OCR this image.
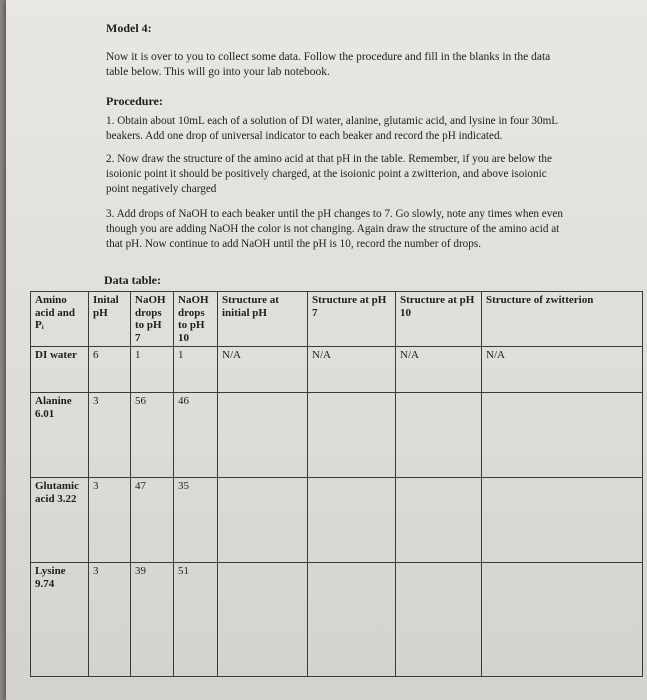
Model 4:
Now it is over to you to collect some data. Follow the procedure and fill in the blanks in the data table below. This will go into your lab notebook.
Procedure:
1. Obtain about 10mL each of a solution of DI water, alanine, glutamic acid, and lysine in four 30mL beakers. Add one drop of universal indicator to each beaker and record the pH indicated.
2. Now draw the structure of the amino acid at that pH in the table. Remember, if you are below the isoionic point it should be positively charged, at the isoionic point a zwitterion, and above isoionic point negatively charged
3. Add drops of NaOH to each beaker until the pH changes to 7. Go slowly, note any times when even though you are adding NaOH the color is not changing. Again draw the structure of the amino acid at that pH. Now continue to add NaOH until the pH is 10, record the number of drops.
Data table:
Amino acid and Pᵢ	Inital pH	NaOH drops to pH 7	NaOH drops to pH 10	Structure at initial pH	Structure at pH 7	Structure at pH 10	Structure of zwitterion
DI water	6	1	1	N/A	N/A	N/A	N/A
Alanine 6.01	3	56	46				
Glutamic acid 3.22	3	47	35				
Lysine 9.74	3	39	51				
